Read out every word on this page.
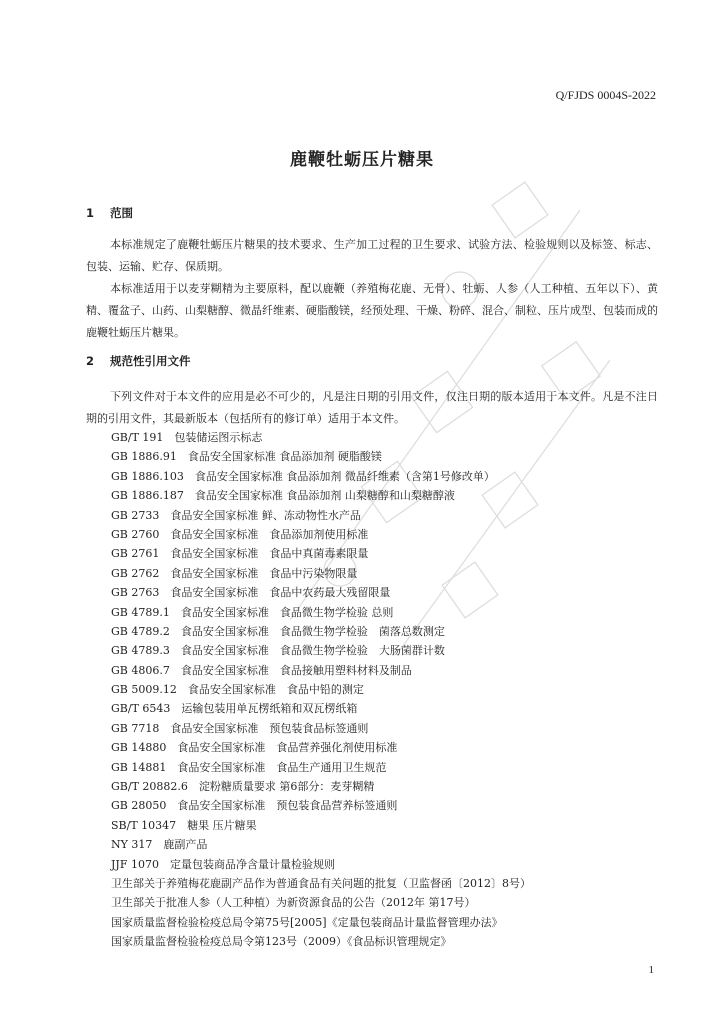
Q/FJDS 0004S-2022
鹿鞭牡蛎压片糖果
1 范围
本标准规定了鹿鞭牡蛎压片糖果的技术要求、生产加工过程的卫生要求、试验方法、检验规则以及标签、标志、包装、运输、贮存、保质期。
本标准适用于以麦芽糊精为主要原料，配以鹿鞭（养殖梅花鹿、无骨）、牡蛎、人参（人工种植、五年以下）、黄精、覆盆子、山药、山梨糖醇、微晶纤维素、硬脂酸镁，经预处理、干燥、粉碎、混合、制粒、压片成型、包装而成的鹿鞭牡蛎压片糖果。
2 规范性引用文件
下列文件对于本文件的应用是必不可少的，凡是注日期的引用文件，仅注日期的版本适用于本文件。凡是不注日期的引用文件，其最新版本（包括所有的修订单）适用于本文件。
GB/T 191　包装储运图示标志
GB 1886.91　食品安全国家标准 食品添加剂 硬脂酸镁
GB 1886.103　食品安全国家标准 食品添加剂 微晶纤维素（含第1号修改单）
GB 1886.187　食品安全国家标准 食品添加剂 山梨糖醇和山梨糖醇液
GB 2733　食品安全国家标准 鲜、冻动物性水产品
GB 2760　食品安全国家标准　食品添加剂使用标准
GB 2761　食品安全国家标准　食品中真菌毒素限量
GB 2762　食品安全国家标准　食品中污染物限量
GB 2763　食品安全国家标准　食品中农药最大残留限量
GB 4789.1　食品安全国家标准　食品微生物学检验 总则
GB 4789.2　食品安全国家标准　食品微生物学检验　菌落总数测定
GB 4789.3　食品安全国家标准　食品微生物学检验　大肠菌群计数
GB 4806.7　食品安全国家标准　食品接触用塑料材料及制品
GB 5009.12　食品安全国家标准　食品中铅的测定
GB/T 6543　运输包装用单瓦楞纸箱和双瓦楞纸箱
GB 7718　食品安全国家标准　预包装食品标签通则
GB 14880　食品安全国家标准　食品营养强化剂使用标准
GB 14881　食品安全国家标准　食品生产通用卫生规范
GB/T 20882.6　淀粉糖质量要求 第6部分：麦芽糊精
GB 28050　食品安全国家标准　预包装食品营养标签通则
SB/T 10347　糖果 压片糖果
NY 317　鹿副产品
JJF 1070　定量包装商品净含量计量检验规则
卫生部关于养殖梅花鹿副产品作为普通食品有关问题的批复（卫监督函〔2012〕8号）
卫生部关于批准人参（人工种植）为新资源食品的公告（2012年 第17号）
国家质量监督检验检疫总局令第75号[2005]《定量包装商品计量监督管理办法》
国家质量监督检验检疫总局令第123号（2009）《食品标识管理规定》
1
